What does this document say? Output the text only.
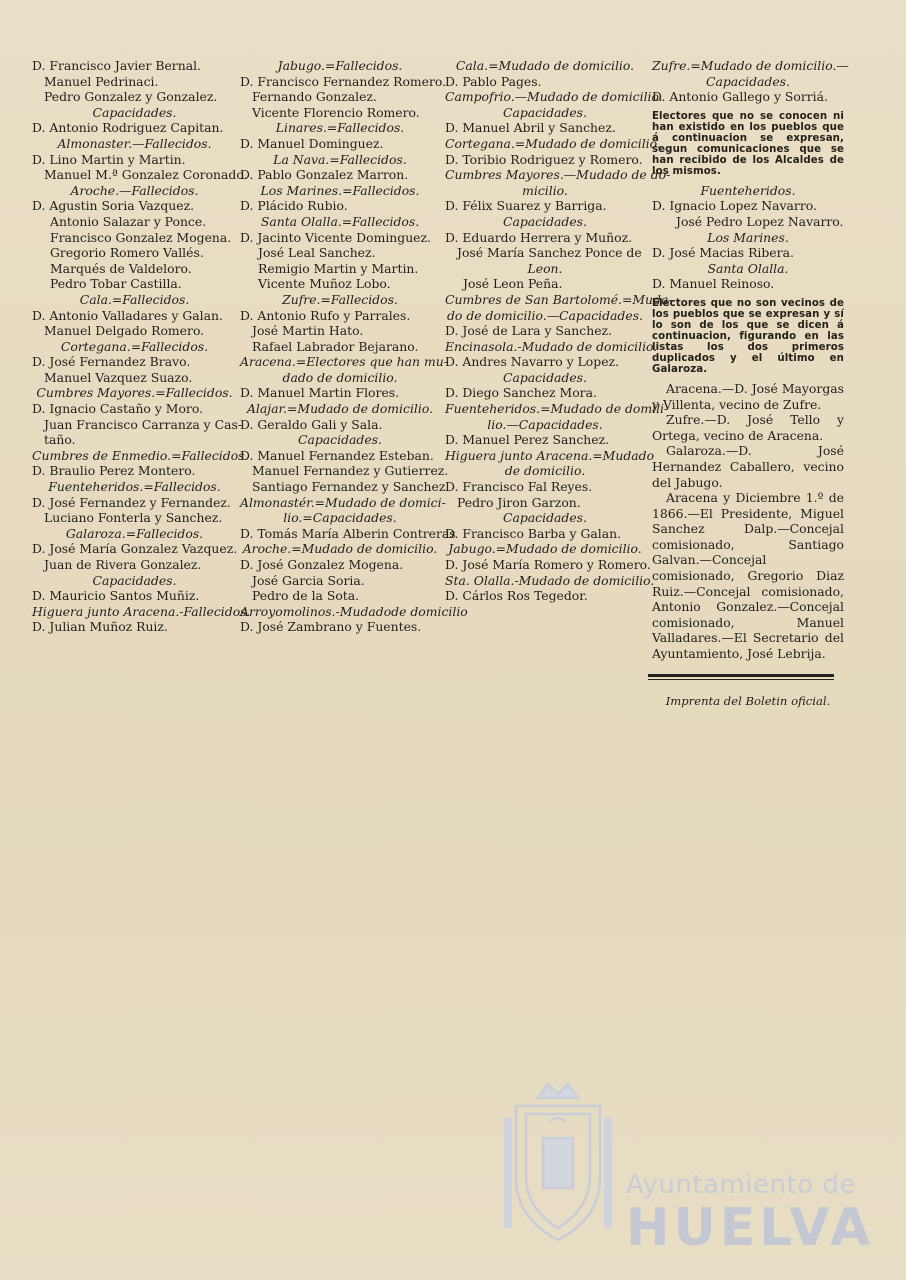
D. Francisco Javier Bernal.
Manuel Pedrinaci.
Pedro Gonzalez y Gonzalez.
Capacidades.
D. Antonio Rodriguez Capitan.
Almonaster.—Fallecidos.
D. Lino Martin y Martin.
Manuel M.ª Gonzalez Coronado.
Aroche.—Fallecidos.
D. Agustin Soria Vazquez.
Antonio Salazar y Ponce.
Francisco Gonzalez Mogena.
Gregorio Romero Vallés.
Marqués de Valdeloro.
Pedro Tobar Castilla.
Cala.=Fallecidos.
D. Antonio Valladares y Galan.
Manuel Delgado Romero.
Cortegana.=Fallecidos.
D. José Fernandez Bravo.
Manuel Vazquez Suazo.
Cumbres Mayores.=Fallecidos.
D. Ignacio Castaño y Moro.
Juan Francisco Carranza y Cas-
taño.
Cumbres de Enmedio.=Fallecidos.
D. Braulio Perez Montero.
Fuenteheridos.=Fallecidos.
D. José Fernandez y Fernandez.
Luciano Fonterla y Sanchez.
Galaroza.=Fallecidos.
D. José María Gonzalez Vazquez.
Juan de Rivera Gonzalez.
Capacidades.
D. Mauricio Santos Muñiz.
Higuera junto Aracena.-Fallecidos.
D. Julian Muñoz Ruiz.
Jabugo.=Fallecidos.
D. Francisco Fernandez Romero.
Fernando Gonzalez.
Vicente Florencio Romero.
Linares.=Fallecidos.
D. Manuel Dominguez.
La Nava.=Fallecidos.
D. Pablo Gonzalez Marron.
Los Marines.=Fallecidos.
D. Plácido Rubio.
Santa Olalla.=Fallecidos.
D. Jacinto Vicente Dominguez.
José Leal Sanchez.
Remigio Martin y Martin.
Vicente Muñoz Lobo.
Zufre.=Fallecidos.
D. Antonio Rufo y Parrales.
José Martin Hato.
Rafael Labrador Bejarano.
Aracena.=Electores que han mu-
dado de domicilio.
D. Manuel Martin Flores.
Alajar.=Mudado de domicilio.
D. Geraldo Gali y Sala.
Capacidades.
D. Manuel Fernandez Esteban.
Manuel Fernandez y Gutierrez.
Santiago Fernandez y Sanchez.
Almonastér.=Mudado de domici-
lio.=Capacidades.
D. Tomás María Alberin Contreras
Aroche.=Mudado de domicilio.
D. José Gonzalez Mogena.
José Garcia Soria.
Pedro de la Sota.
Arroyomolinos.-Mudadode domicilio
D. José Zambrano y Fuentes.
Cala.=Mudado de domicilio.
D. Pablo Pages.
Campofrio.—Mudado de domicilio.
Capacidades.
D. Manuel Abril y Sanchez.
Cortegana.=Mudado de domicilio.
D. Toribio Rodriguez y Romero.
Cumbres Mayores.—Mudado de do-
micilio.
D. Félix Suarez y Barriga.
Capacidades.
D. Eduardo Herrera y Muñoz.
José María Sanchez Ponce de
Leon.
José Leon Peña.
Cumbres de San Bartolomé.=Muda-
do de domicilio.—Capacidades.
D. José de Lara y Sanchez.
Encinasola.-Mudado de domicilio.
D. Andres Navarro y Lopez.
Capacidades.
D. Diego Sanchez Mora.
Fuenteheridos.=Mudado de domili-
lio.—Capacidades.
D. Manuel Perez Sanchez.
Higuera junto Aracena.=Mudado
de domicilio.
D. Francisco Fal Reyes.
Pedro Jiron Garzon.
Capacidades.
D. Francisco Barba y Galan.
Jabugo.=Mudado de domicilio.
D. José María Romero y Romero.
Sta. Olalla.-Mudado de domicilio.
D. Cárlos Ros Tegedor.
Zufre.=Mudado de domicilio.—
Capacidades.
D. Antonio Gallego y Sorriá.
Electores que no se conocen ni han existido en los pueblos que á continuacion se expresan, segun comunicaciones que se han recibido de los Alcaldes de los mismos.
Fuenteheridos.
D. Ignacio Lopez Navarro.
José Pedro Lopez Navarro.
Los Marines.
D. José Macias Ribera.
Santa Olalla.
D. Manuel Reinoso.
Electores que no son vecinos de los pueblos que se expresan y sí lo son de los que se dicen á continuacion, figurando en las listas los dos primeros duplicados y el último en Galaroza.
Aracena.—D. José Mayorgas y Villenta, vecino de Zufre.
Zufre.—D. José Tello y Ortega, vecino de Aracena.
Galaroza.—D. José Hernandez Caballero, vecino del Jabugo.
Aracena y Diciembre 1.º de 1866.—El Presidente, Miguel Sanchez Dalp.—Concejal comisionado, Santiago Galvan.—Concejal comisionado, Gregorio Diaz Ruiz.—Concejal comisionado, Antonio Gonzalez.—Concejal comisionado, Manuel Valladares.—El Secretario del Ayuntamiento, José Lebrija.
Imprenta del Boletin oficial.
Ayuntamiento de
HUELVA
